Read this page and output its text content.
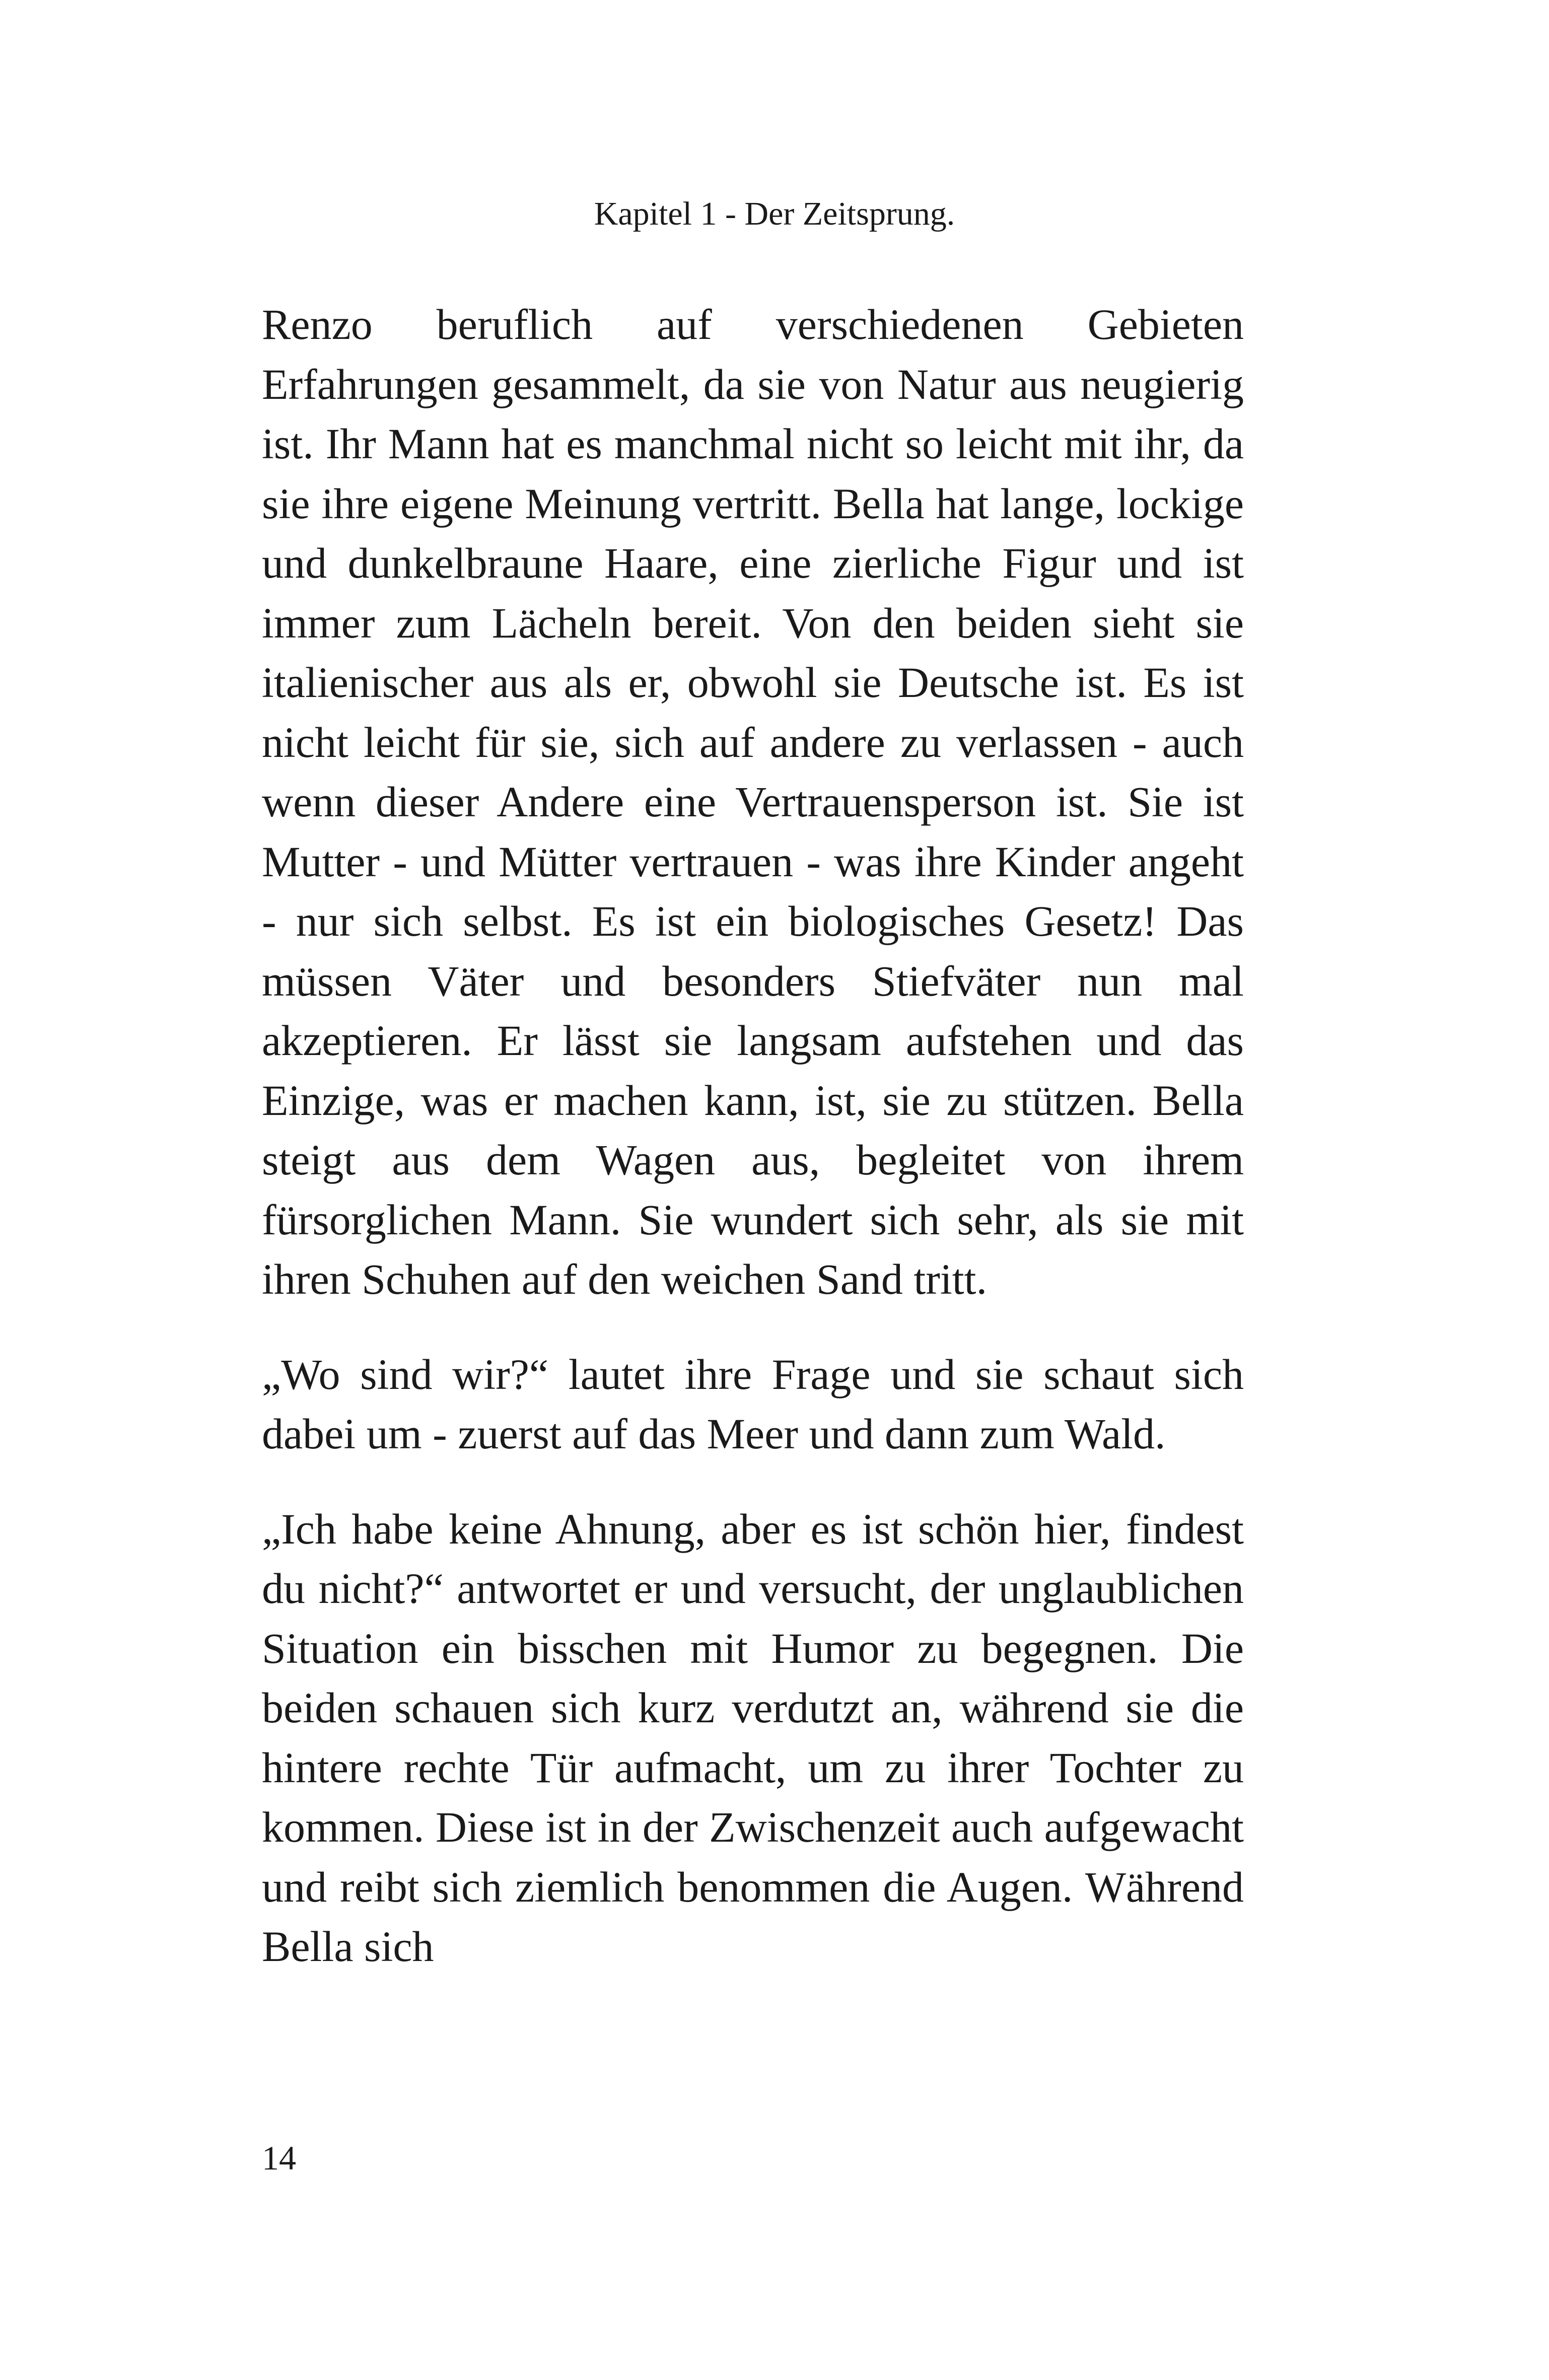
Kapitel 1 - Der Zeitsprung.

Renzo beruflich auf verschiedenen Gebieten Erfahrungen gesammelt, da sie von Natur aus neugierig ist. Ihr Mann hat es manchmal nicht so leicht mit ihr, da sie ihre eigene Meinung vertritt. Bella hat lange, lockige und dunkelbraune Haare, eine zierliche Figur und ist immer zum Lächeln bereit. Von den beiden sieht sie italienischer aus als er, obwohl sie Deutsche ist. Es ist nicht leicht für sie, sich auf andere zu verlassen - auch wenn dieser Andere eine Vertrauensperson ist. Sie ist Mutter - und Mütter vertrauen - was ihre Kinder angeht - nur sich selbst. Es ist ein biologisches Gesetz! Das müssen Väter und besonders Stiefväter nun mal akzeptieren. Er lässt sie langsam aufstehen und das Einzige, was er machen kann, ist, sie zu stützen. Bella steigt aus dem Wagen aus, begleitet von ihrem fürsorglichen Mann. Sie wundert sich sehr, als sie mit ihren Schuhen auf den weichen Sand tritt.

„Wo sind wir?“ lautet ihre Frage und sie schaut sich dabei um - zuerst auf das Meer und dann zum Wald.

„Ich habe keine Ahnung, aber es ist schön hier, findest du nicht?“ antwortet er und versucht, der unglaublichen Situation ein bisschen mit Humor zu begegnen. Die beiden schauen sich kurz verdutzt an, während sie die hintere rechte Tür aufmacht, um zu ihrer Tochter zu kommen. Diese ist in der Zwischenzeit auch aufgewacht und reibt sich ziemlich benommen die Augen. Während Bella sich

14
